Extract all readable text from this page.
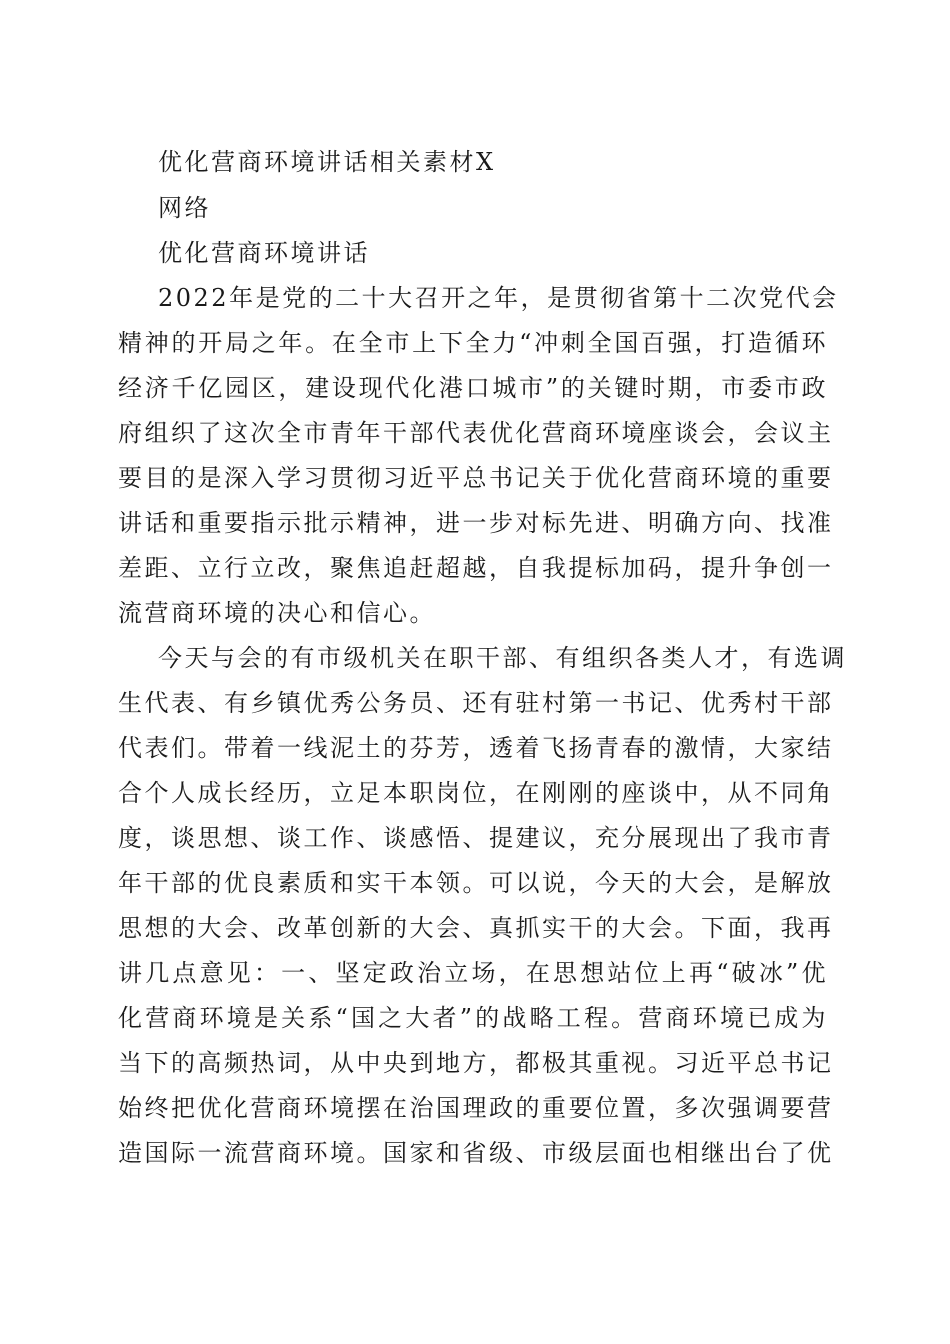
优化营商环境讲话相关素材X
网络
优化营商环境讲话
2022年是党的二十大召开之年，是贯彻省第十二次党代会
精神的开局之年。在全市上下全力“冲刺全国百强，打造循环
经济千亿园区，建设现代化港口城市”的关键时期，市委市政
府组织了这次全市青年干部代表优化营商环境座谈会，会议主
要目的是深入学习贯彻习近平总书记关于优化营商环境的重要
讲话和重要指示批示精神，进一步对标先进、明确方向、找准
差距、立行立改，聚焦追赶超越，自我提标加码，提升争创一
流营商环境的决心和信心。
今天与会的有市级机关在职干部、有组织各类人才，有选调
生代表、有乡镇优秀公务员、还有驻村第一书记、优秀村干部
代表们。带着一线泥土的芬芳，透着飞扬青春的激情，大家结
合个人成长经历，立足本职岗位，在刚刚的座谈中，从不同角
度，谈思想、谈工作、谈感悟、提建议，充分展现出了我市青
年干部的优良素质和实干本领。可以说，今天的大会，是解放
思想的大会、改革创新的大会、真抓实干的大会。下面，我再
讲几点意见：一、坚定政治立场，在思想站位上再“破冰”优
化营商环境是关系“国之大者”的战略工程。营商环境已成为
当下的高频热词，从中央到地方，都极其重视。习近平总书记
始终把优化营商环境摆在治国理政的重要位置，多次强调要营
造国际一流营商环境。国家和省级、市级层面也相继出台了优
